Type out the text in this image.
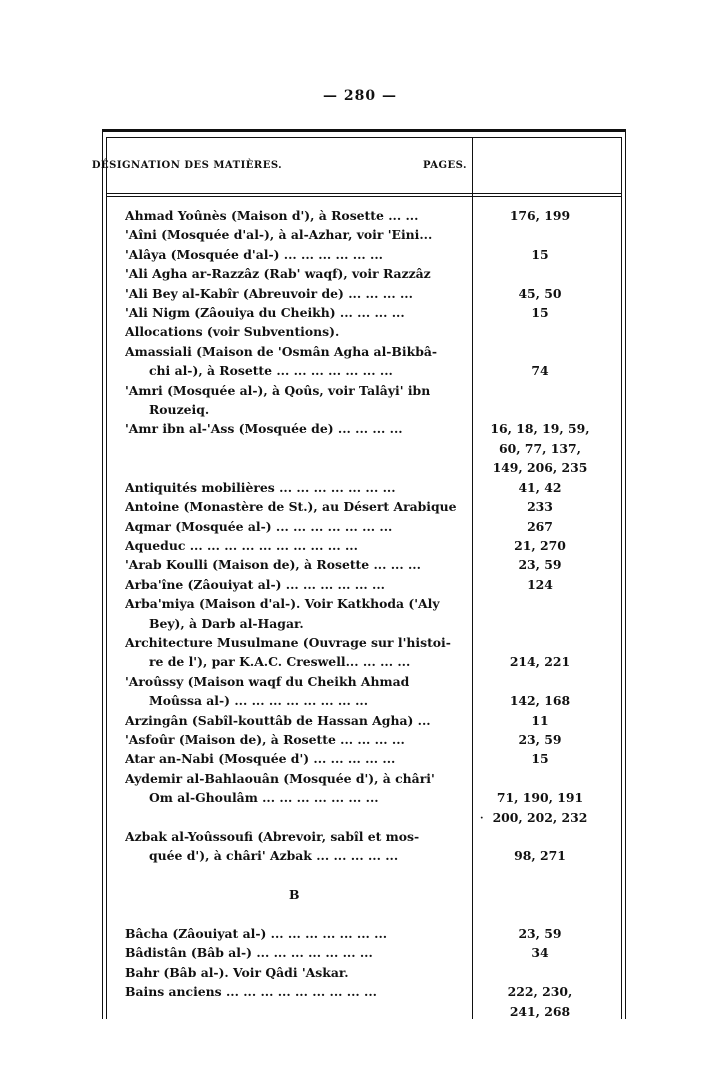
— 280 —
DÉSIGNATION DES MATIÈRES.	PAGES.
Ahmad Yoûnès (Maison d'), à Rosette ... ...	176, 199
'Aîni (Mosquée d'al-), à al-Azhar, voir 'Eini...
'Alâya (Mosquée d'al-) ... ... ... ... ... ...	15
'Ali Agha ar-Razzâz (Rab' waqf), voir Razzâz
'Ali Bey al-Kabîr (Abreuvoir de) ... ... ... ...	45, 50
'Ali Nigm (Zâouiya du Cheikh) ... ... ... ...	15
Allocations (voir Subventions).
Amassiali (Maison de 'Osmân Agha al-Bikbâ-
chi al-), à Rosette ... ... ... ... ... ... ...	74
'Amri (Mosquée al-), à Qoûs, voir Talâyi' ibn
Rouzeiq.
'Amr ibn al-'Ass (Mosquée de) ... ... ... ...	16, 18, 19, 59,
60, 77, 137,
149, 206, 235
Antiquités mobilières ... ... ... ... ... ... ...	41, 42
Antoine (Monastère de St.), au Désert Arabique	233
Aqmar (Mosquée al-) ... ... ... ... ... ... ...	267
Aqueduc ... ... ... ... ... ... ... ... ... ...	21, 270
'Arab Koulli (Maison de), à Rosette ... ... ...	23, 59
Arba'îne (Zâouiyat al-) ... ... ... ... ... ...	124
Arba'miya (Maison d'al-). Voir Katkhoda ('Aly
Bey), à Darb al-Hagar.
Architecture Musulmane (Ouvrage sur l'histoi-
re de l'), par K.A.C. Creswell... ... ... ...	214, 221
'Aroûssy (Maison waqf du Cheikh Ahmad
Moûssa al-) ... ... ... ... ... ... ... ...	142, 168
Arzingân (Sabîl-kouttâb de Hassan Agha) ...	11
'Asfoûr (Maison de), à Rosette ... ... ... ...	23, 59
Atar an-Nabi (Mosquée d') ... ... ... ... ...	15
Aydemir al-Bahlaouân (Mosquée d'), à châri'
Om al-Ghoulâm ... ... ... ... ... ... ...	71, 190, 191
200, 202, 232
Azbak al-Yoûssoufi (Abrevoir, sabîl et mos-
quée d'), à châri' Azbak ... ... ... ... ...	98, 271
B
Bâcha (Zâouiyat al-) ... ... ... ... ... ... ...	23, 59
Bâdistân (Bâb al-) ... ... ... ... ... ... ...	34
Bahr (Bâb al-). Voir Qâdi 'Askar.
Bains anciens ... ... ... ... ... ... ... ... ...	222, 230,
241, 268
·
